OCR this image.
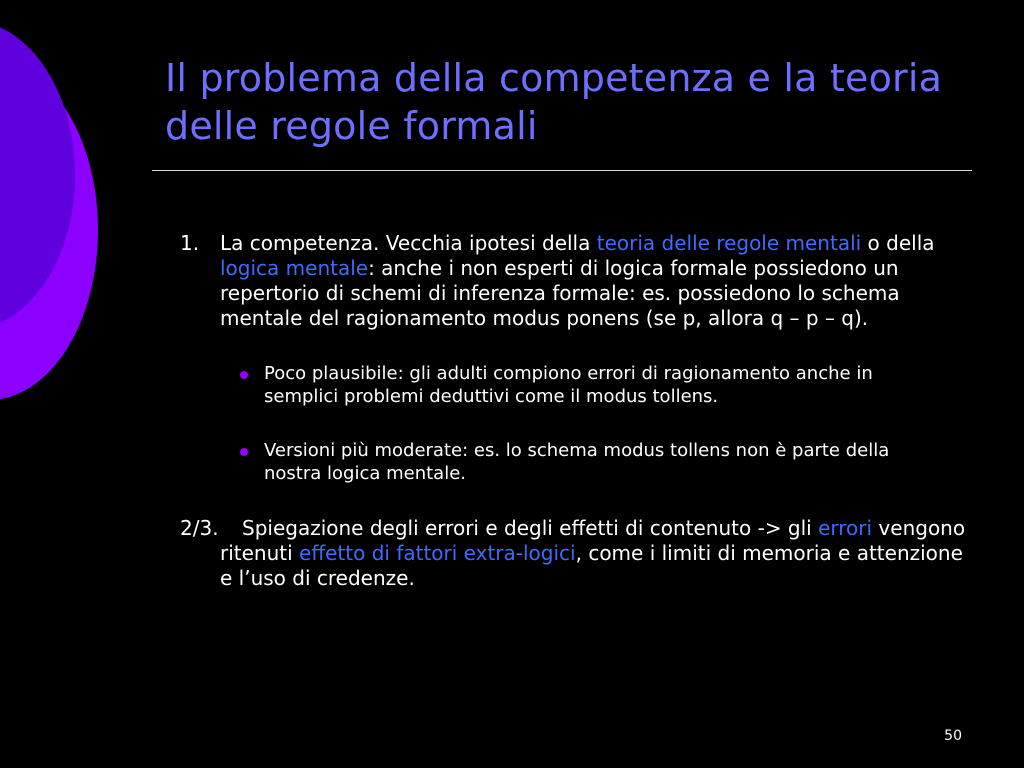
Il problema della competenza e la teoria delle regole formali
1. La competenza. Vecchia ipotesi della teoria delle regole mentali o della logica mentale: anche i non esperti di logica formale possiedono un repertorio di schemi di inferenza formale: es. possiedono lo schema mentale del ragionamento modus ponens (se p, allora q – p – q).
Poco plausibile: gli adulti compiono errori di ragionamento anche in semplici problemi deduttivi come il modus tollens.
Versioni più moderate: es. lo schema modus tollens non è parte della nostra logica mentale.
2/3. Spiegazione degli errori e degli effetti di contenuto -> gli errori vengono ritenuti effetto di fattori extra-logici, come i limiti di memoria e attenzione e l’uso di credenze.
50
